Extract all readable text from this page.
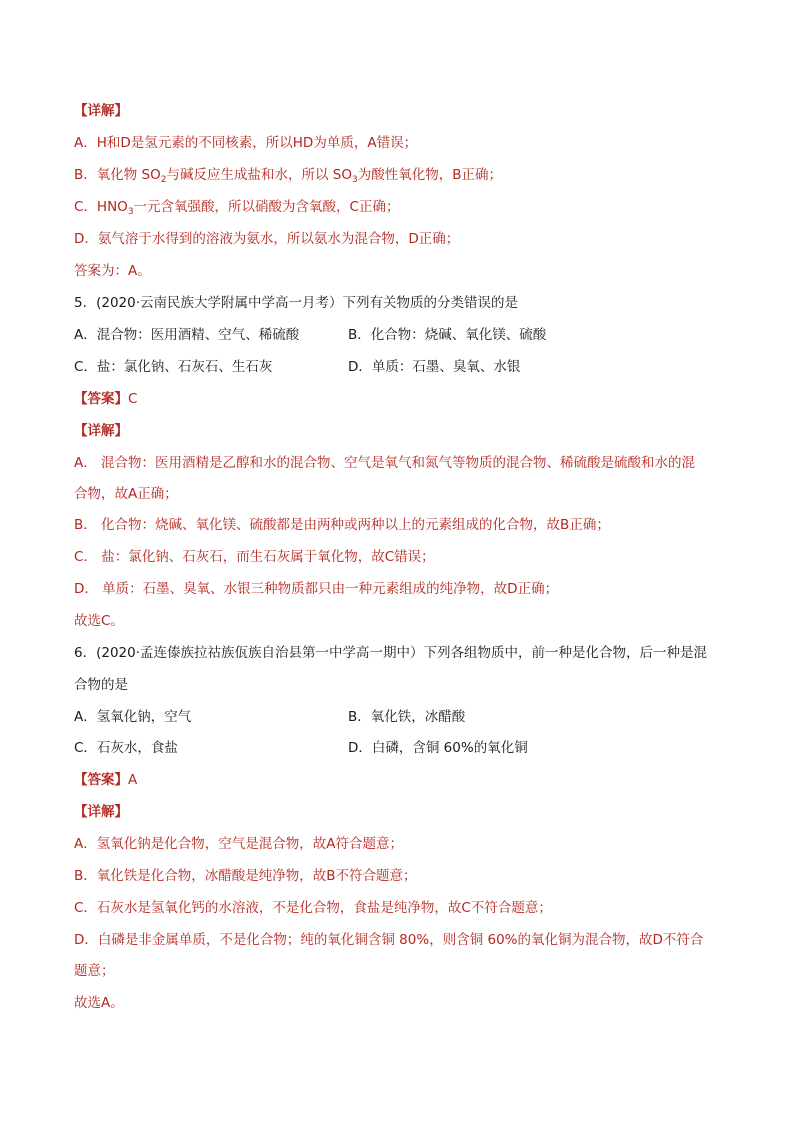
【详解】
A．H和D是氢元素的不同核素，所以HD为单质，A错误；
B．氧化物 $SO_2$与碱反应生成盐和水，所以 $SO_3$为酸性氧化物，B正确；
C．$HNO_3$一元含氧强酸，所以硝酸为含氧酸，C正确；
D．氨气溶于水得到的溶液为氨水，所以氨水为混合物，D正确；
答案为：A。
5．(2020·云南民族大学附属中学高一月考）下列有关物质的分类错误的是
A．混合物：医用酒精、空气、稀硫酸	B．化合物：烧碱、氧化镁、硫酸
C．盐：氯化钠、石灰石、生石灰	D．单质：石墨、臭氧、水银
【答案】C
【详解】
A． 混合物：医用酒精是乙醇和水的混合物、空气是氧气和氮气等物质的混合物、稀硫酸是硫酸和水的混
合物，故A正确；
B． 化合物：烧碱、氧化镁、硫酸都是由两种或两种以上的元素组成的化合物，故B正确；
C． 盐：氯化钠、石灰石，而生石灰属于氧化物，故C错误；
D． 单质：石墨、臭氧、水银三种物质都只由一种元素组成的纯净物，故D正确；
故选C。
6．(2020·孟连傣族拉祜族佤族自治县第一中学高一期中）下列各组物质中，前一种是化合物，后一种是混
合物的是
A．氢氧化钠，空气	B．氧化铁，冰醋酸
C．石灰水，食盐	D．白磷，含铜 60%的氧化铜
【答案】A
【详解】
A．氢氧化钠是化合物，空气是混合物，故A符合题意；
B．氧化铁是化合物，冰醋酸是纯净物，故B不符合题意；
C．石灰水是氢氧化钙的水溶液，不是化合物，食盐是纯净物，故C不符合题意；
D．白磷是非金属单质，不是化合物；纯的氧化铜含铜 80%，则含铜 60%的氧化铜为混合物，故D不符合
题意；
故选A。
